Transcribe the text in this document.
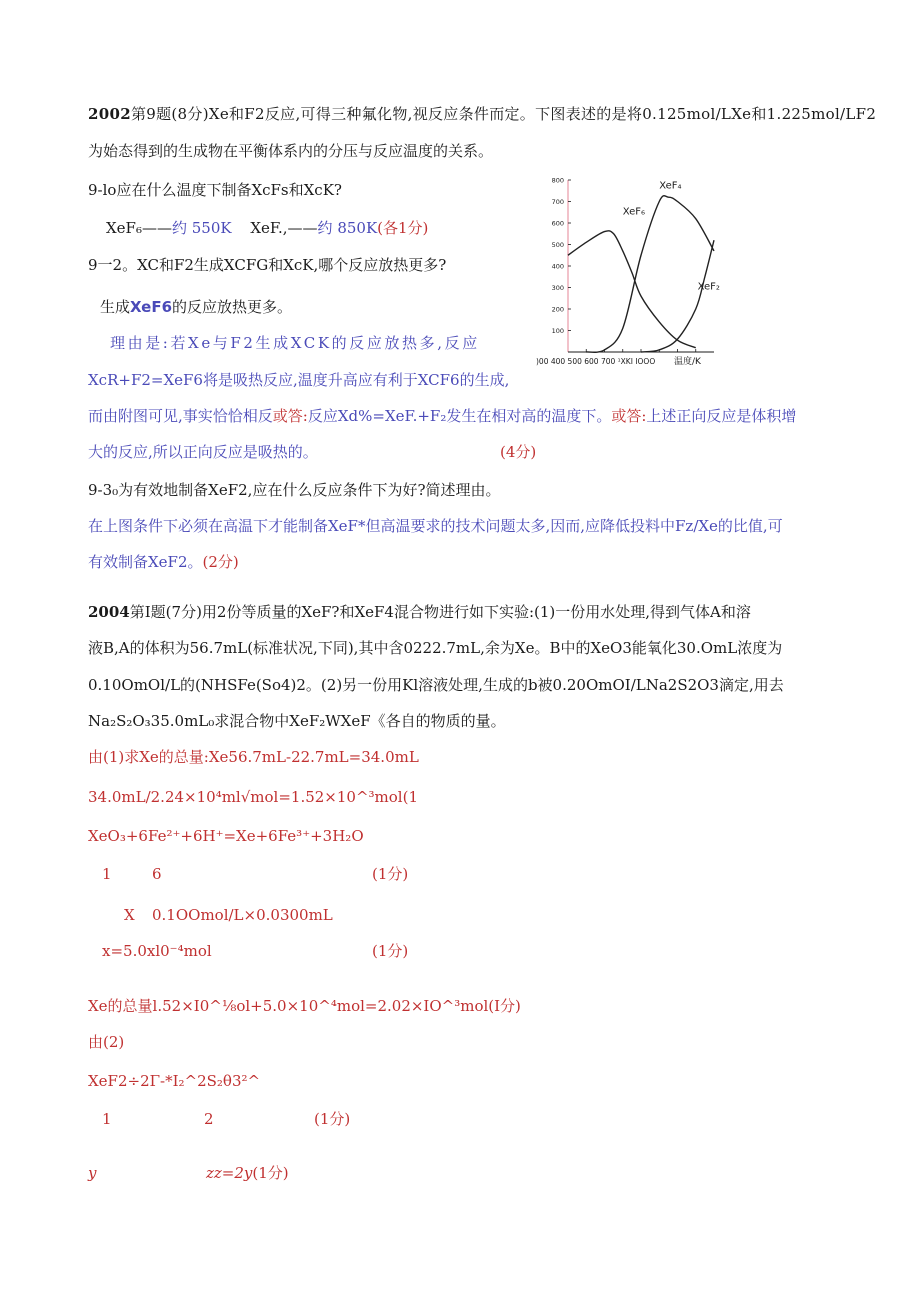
2002第9题(8分)Xe和F2反应,可得三种氟化物,视反应条件而定。下图表述的是将0.125mol/LXe和1.225mol/LF2
为始态得到的生成物在平衡体系内的分压与反应温度的关系。
9-lo应在什么温度下制备XcFs和XcK?
XeF₆——约 550K XeF.,——约 850K(各1分)
9一2。XC和F2生成XCFG和XcK,哪个反应放热更多?
生成XeF6的反应放热更多。
理由是:若Xe与F2生成XCK的反应放热多,反应
XcR+F2=XeF6将是吸热反应,温度升高应有利于XCF6的生成,
而由附图可见,事实恰恰相反或答:反应Xd%=XeF.+F₂发生在相对高的温度下。或答:上述正向反应是体积增
大的反应,所以正向反应是吸热的。	(4分)
9-3₀为有效地制备XeF2,应在什么反应条件下为好?简述理由。
在上图条件下必须在高温下才能制备XeF*但高温要求的技术问题太多,因而,应降低投料中Fz/Xe的比值,可
有效制备XeF2。(2分)
100
200
300
400
500
600
700
800
XeF₆
XeF₄
XeF₂
)00 400 500 600 700 ¹XKI IOOO 温度/K
2004第I题(7分)用2份等质量的XeF?和XeF4混合物进行如下实验:(1)一份用水处理,得到气体A和溶
液B,A的体积为56.7mL(标准状况,下同),其中含0222.7mL,余为Xe。B中的XeO3能氧化30.OmL浓度为
0.10OmOl/L的(NHSFe(So4)2。(2)另一份用Kl溶液处理,生成的b被0.20OmOI/LNa2S2O3滴定,用去
Na₂S₂O₃35.0mL₀求混合物中XeF₂WXeF《各自的物质的量。
由(1)求Xe的总量:Xe56.7mL-22.7mL=34.0mL
34.0mL/2.24×10⁴ml√mol=1.52×10^³mol(1
XeO₃+6Fe²⁺+6H⁺=Xe+6Fe³⁺+3H₂O
1	6	(1分)
X 0.1OOmol/L×0.0300mL
x=5.0xl0⁻⁴mol	(1分)
Xe的总量l.52×I0^⅛ol+5.0×10^⁴mol=2.02×IO^³mol(I分)
由(2)
XeF2÷2Γ-*I₂^2S₂θ3²^
1	2	(1分)
y	zz=2y(1分)
